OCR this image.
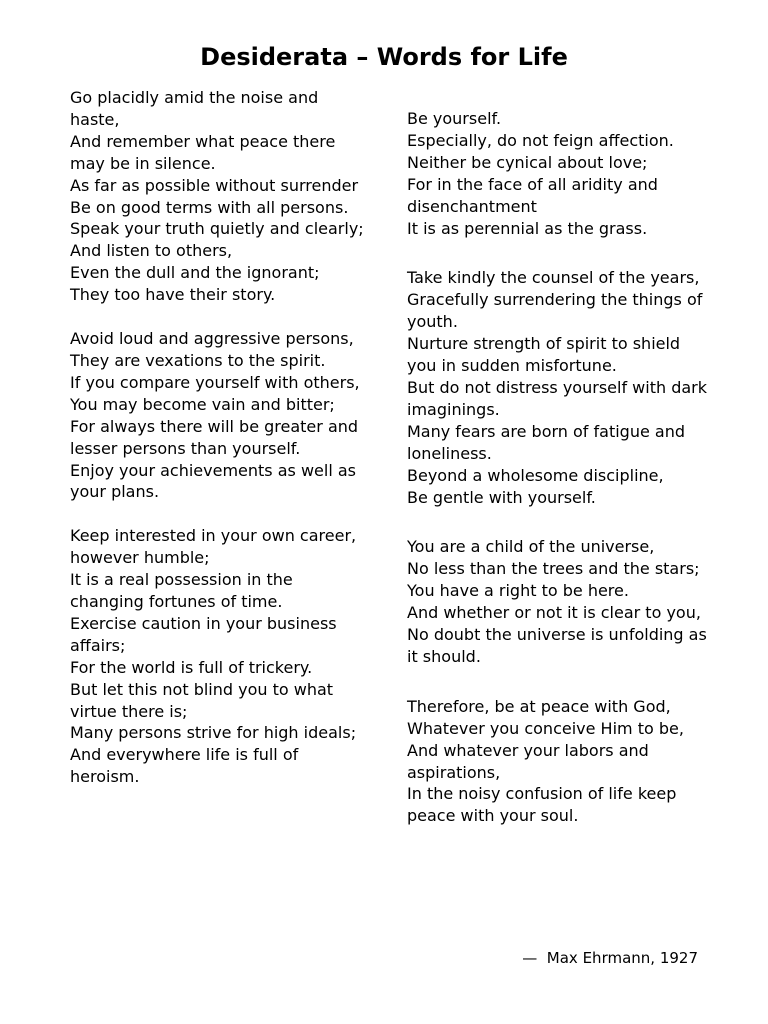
Desiderata – Words for Life
Go placidly amid the noise and haste,
And remember what peace there may be in silence.
As far as possible without surrender
Be on good terms with all persons.
Speak your truth quietly and clearly;
And listen to others,
Even the dull and the ignorant;
They too have their story.
Avoid loud and aggressive persons,
They are vexations to the spirit.
If you compare yourself with others,
You may become vain and bitter;
For always there will be greater and lesser persons than yourself.
Enjoy your achievements as well as your plans.
Keep interested in your own career, however humble;
It is a real possession in the changing fortunes of time.
Exercise caution in your business affairs;
For the world is full of trickery.
But let this not blind you to what virtue there is;
Many persons strive for high ideals;
And everywhere life is full of heroism.
Be yourself.
Especially, do not feign affection.
Neither be cynical about love;
For in the face of all aridity and disenchantment
It is as perennial as the grass.
Take kindly the counsel of the years,
Gracefully surrendering the things of youth.
Nurture strength of spirit to shield you in sudden misfortune.
But do not distress yourself with dark imaginings.
Many fears are born of fatigue and loneliness.
Beyond a wholesome discipline,
Be gentle with yourself.
You are a child of the universe,
No less than the trees and the stars;
You have a right to be here.
And whether or not it is clear to you,
No doubt the universe is unfolding as it should.
Therefore, be at peace with God,
Whatever you conceive Him to be,
And whatever your labors and aspirations,
In the noisy confusion of life keep peace with your soul.
—  Max Ehrmann, 1927
